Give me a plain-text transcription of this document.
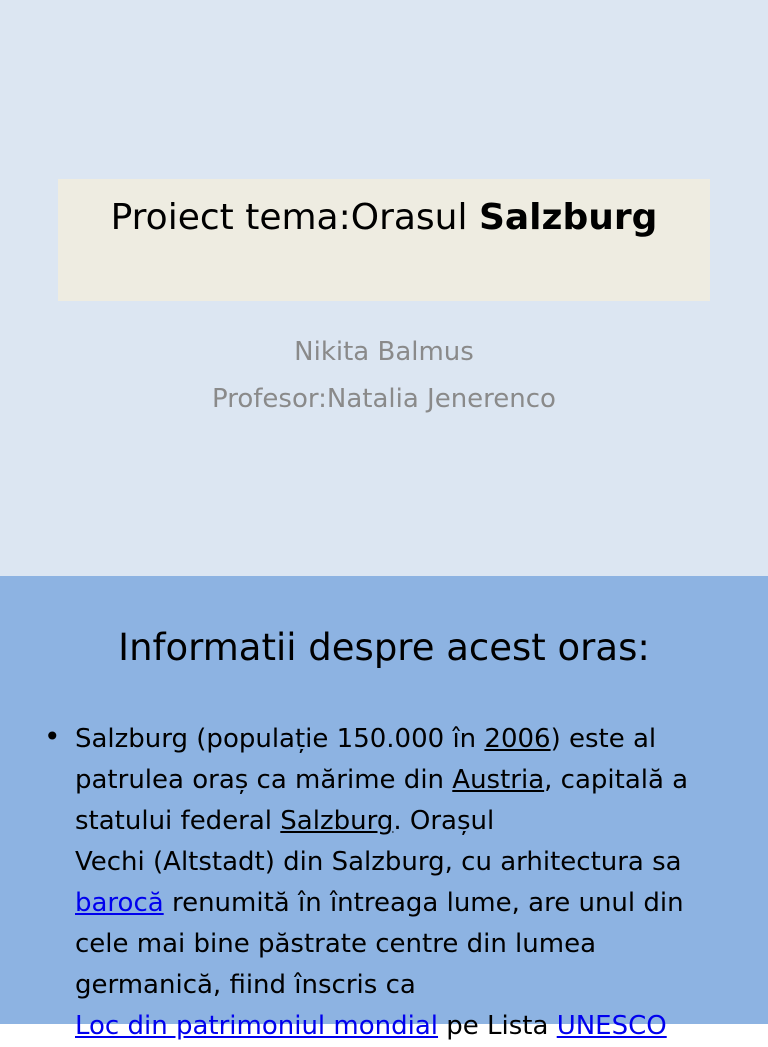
Proiect tema:Orasul Salzburg
Nikita Balmus
Profesor:Natalia Jenerenco
Informatii despre acest oras:
• Salzburg (populație 150.000 în 2006) este al
patrulea oraș ca mărime din Austria, capitală a
statului federal Salzburg. Orașul
Vechi (Altstadt) din Salzburg, cu arhitectura sa
barocă renumită în întreaga lume, are unul din
cele mai bine păstrate centre din lumea
germanică, fiind înscris ca
Loc din patrimoniul mondial pe Lista UNESCO
